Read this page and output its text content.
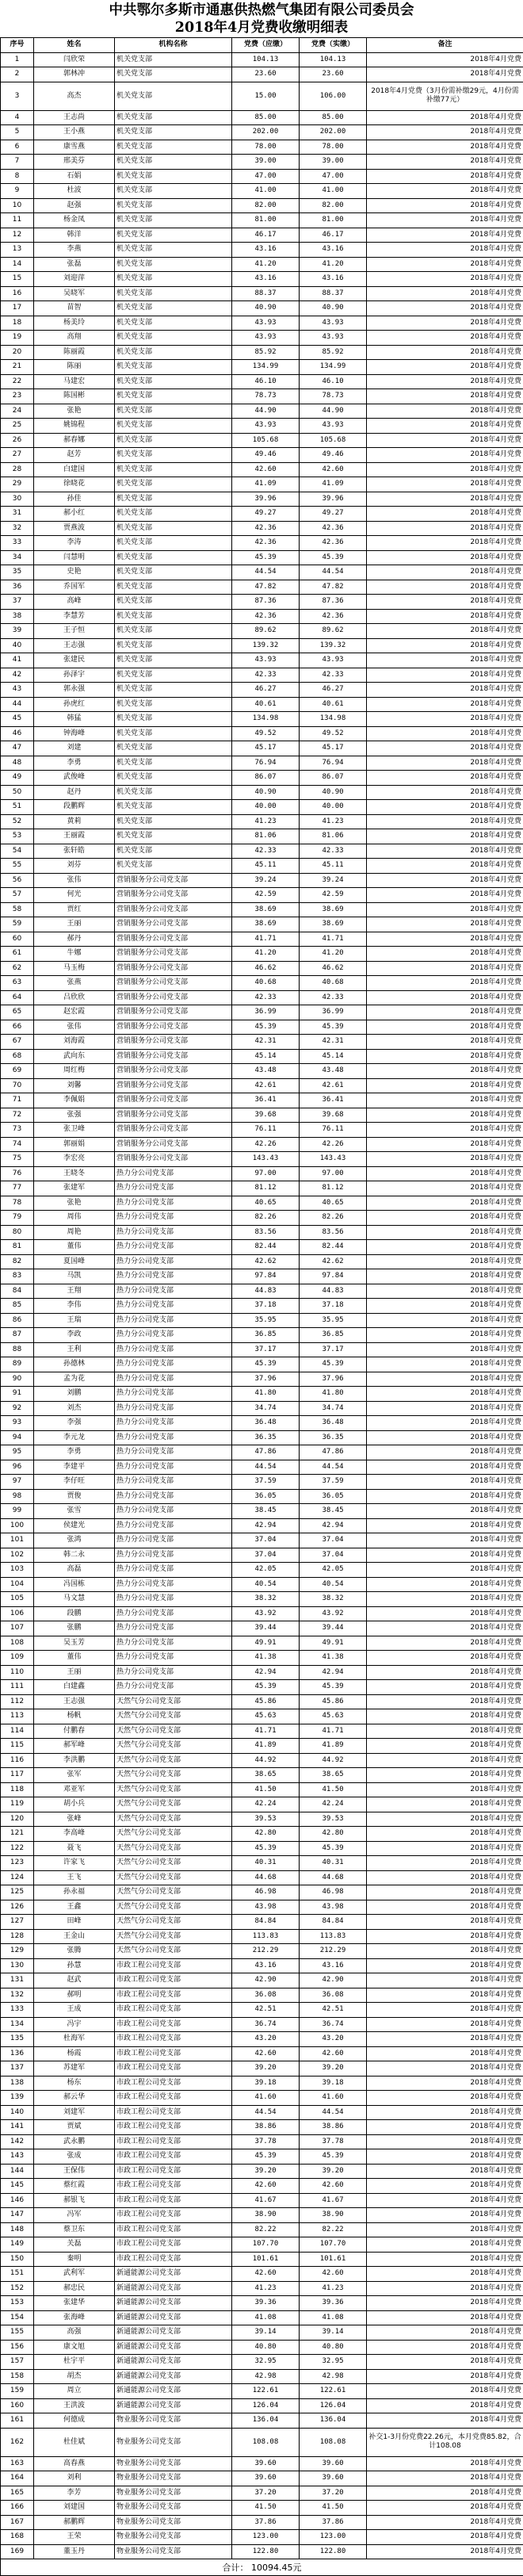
中共鄂尔多斯市通惠供热燃气集团有限公司委员会
2018年4月党费收缴明细表
序号	姓名	机构名称	党费（应缴）	党费（实缴）	备注
1	闫欣荣	机关党支部	104.13	104.13	2018年4月党费
2	郭林冲	机关党支部	23.60	23.60	2018年4月党费
3	高杰	机关党支部	15.00	106.00	2018年4月党费（3月份需补缴29元，4月份需补缴77元）
4	王志尚	机关党支部	85.00	85.00	2018年4月党费
5	王小燕	机关党支部	202.00	202.00	2018年4月党费
6	康雪燕	机关党支部	78.00	78.00	2018年4月党费
7	邢美芬	机关党支部	39.00	39.00	2018年4月党费
8	石娟	机关党支部	47.00	47.00	2018年4月党费
9	杜波	机关党支部	41.00	41.00	2018年4月党费
10	赵强	机关党支部	82.00	82.00	2018年4月党费
11	杨金凤	机关党支部	81.00	81.00	2018年4月党费
12	韩洋	机关党支部	46.17	46.17	2018年4月党费
13	李燕	机关党支部	43.16	43.16	2018年4月党费
14	张磊	机关党支部	41.20	41.20	2018年4月党费
15	刘迎萍	机关党支部	43.16	43.16	2018年4月党费
16	吴晓军	机关党支部	88.37	88.37	2018年4月党费
17	苗智	机关党支部	40.90	40.90	2018年4月党费
18	杨美玲	机关党支部	43.93	43.93	2018年4月党费
19	高翔	机关党支部	43.93	43.93	2018年4月党费
20	陈丽霞	机关党支部	85.92	85.92	2018年4月党费
21	陈丽	机关党支部	134.99	134.99	2018年4月党费
22	马建宏	机关党支部	46.10	46.10	2018年4月党费
23	陈国彬	机关党支部	78.73	78.73	2018年4月党费
24	张艳	机关党支部	44.90	44.90	2018年4月党费
25	姚锦程	机关党支部	43.93	43.93	2018年4月党费
26	郝春娜	机关党支部	105.68	105.68	2018年4月党费
27	赵芳	机关党支部	49.46	49.46	2018年4月党费
28	白建国	机关党支部	42.60	42.60	2018年4月党费
29	徐晓花	机关党支部	41.09	41.09	2018年4月党费
30	孙佳	机关党支部	39.96	39.96	2018年4月党费
31	郝小红	机关党支部	49.27	49.27	2018年4月党费
32	贾燕波	机关党支部	42.36	42.36	2018年4月党费
33	李涛	机关党支部	42.36	42.36	2018年4月党费
34	闫慧明	机关党支部	45.39	45.39	2018年4月党费
35	史艳	机关党支部	44.54	44.54	2018年4月党费
36	乔国军	机关党支部	47.82	47.82	2018年4月党费
37	高峰	机关党支部	87.36	87.36	2018年4月党费
38	李慧芳	机关党支部	42.36	42.36	2018年4月党费
39	王子恒	机关党支部	89.62	89.62	2018年4月党费
40	王志强	机关党支部	139.32	139.32	2018年4月党费
41	张建民	机关党支部	43.93	43.93	2018年4月党费
42	孙泽宇	机关党支部	42.33	42.33	2018年4月党费
43	郭永强	机关党支部	46.27	46.27	2018年4月党费
44	孙虎红	机关党支部	40.61	40.61	2018年4月党费
45	韩猛	机关党支部	134.98	134.98	2018年4月党费
46	钟海峰	机关党支部	49.52	49.52	2018年4月党费
47	刘建	机关党支部	45.17	45.17	2018年4月党费
48	李勇	机关党支部	76.94	76.94	2018年4月党费
49	武俊峰	机关党支部	86.07	86.07	2018年4月党费
50	赵丹	机关党支部	40.90	40.90	2018年4月党费
51	段鹏辉	机关党支部	40.00	40.00	2018年4月党费
52	黄莉	机关党支部	41.23	41.23	2018年4月党费
53	王丽霞	机关党支部	81.06	81.06	2018年4月党费
54	张轩皓	机关党支部	42.33	42.33	2018年4月党费
55	刘芬	机关党支部	45.11	45.11	2018年4月党费
56	张伟	营销服务分公司党支部	39.24	39.24	2018年4月党费
57	何光	营销服务分公司党支部	42.59	42.59	2018年4月党费
58	贾红	营销服务分公司党支部	38.69	38.69	2018年4月党费
59	王丽	营销服务分公司党支部	38.69	38.69	2018年4月党费
60	郝丹	营销服务分公司党支部	41.71	41.71	2018年4月党费
61	牛娜	营销服务分公司党支部	41.20	41.20	2018年4月党费
62	马玉梅	营销服务分公司党支部	46.62	46.62	2018年4月党费
63	张燕	营销服务分公司党支部	40.68	40.68	2018年4月党费
64	吕欣欣	营销服务分公司党支部	42.33	42.33	2018年4月党费
65	赵宏霞	营销服务分公司党支部	36.99	36.99	2018年4月党费
66	张伟	营销服务分公司党支部	45.39	45.39	2018年4月党费
67	刘海霞	营销服务分公司党支部	42.31	42.31	2018年4月党费
68	武向东	营销服务分公司党支部	45.14	45.14	2018年4月党费
69	周红梅	营销服务分公司党支部	43.48	43.48	2018年4月党费
70	刘馨	营销服务分公司党支部	42.61	42.61	2018年4月党费
71	李佩娟	营销服务分公司党支部	36.41	36.41	2018年4月党费
72	张强	营销服务分公司党支部	39.68	39.68	2018年4月党费
73	张卫峰	营销服务分公司党支部	76.11	76.11	2018年4月党费
74	郭丽娟	营销服务分公司党支部	42.26	42.26	2018年4月党费
75	李宏亮	营销服务分公司党支部	143.43	143.43	2018年4月党费
76	王晓冬	热力分公司党支部	97.00	97.00	2018年4月党费
77	张建军	热力分公司党支部	81.12	81.12	2018年4月党费
78	张艳	热力分公司党支部	40.65	40.65	2018年4月党费
79	周伟	热力分公司党支部	82.26	82.26	2018年4月党费
80	周艳	热力分公司党支部	83.56	83.56	2018年4月党费
81	董伟	热力分公司党支部	82.44	82.44	2018年4月党费
82	夏国峰	热力分公司党支部	42.62	42.62	2018年4月党费
83	马凯	热力分公司党支部	97.84	97.84	2018年4月党费
84	王翔	热力分公司党支部	44.83	44.83	2018年4月党费
85	李伟	热力分公司党支部	37.18	37.18	2018年4月党费
86	王瑞	热力分公司党支部	35.95	35.95	2018年4月党费
87	李政	热力分公司党支部	36.85	36.85	2018年4月党费
88	王利	热力分公司党支部	37.17	37.17	2018年4月党费
89	孙德林	热力分公司党支部	45.39	45.39	2018年4月党费
90	孟为花	热力分公司党支部	37.96	37.96	2018年4月党费
91	刘鹏	热力分公司党支部	41.80	41.80	2018年4月党费
92	刘杰	热力分公司党支部	34.74	34.74	2018年4月党费
93	李强	热力分公司党支部	36.48	36.48	2018年4月党费
94	李元龙	热力分公司党支部	36.35	36.35	2018年4月党费
95	李勇	热力分公司党支部	47.86	47.86	2018年4月党费
96	李建平	热力分公司党支部	44.54	44.54	2018年4月党费
97	李仔旺	热力分公司党支部	37.59	37.59	2018年4月党费
98	贾俊	热力分公司党支部	36.05	36.05	2018年4月党费
99	张雪	热力分公司党支部	38.45	38.45	2018年4月党费
100	侯建光	热力分公司党支部	42.94	42.94	2018年4月党费
101	张鸿	热力分公司党支部	37.04	37.04	2018年4月党费
102	韩二永	热力分公司党支部	37.04	37.04	2018年4月党费
103	高磊	热力分公司党支部	42.05	42.05	2018年4月党费
104	冯国栋	热力分公司党支部	40.54	40.54	2018年4月党费
105	马文慧	热力分公司党支部	38.32	38.32	2018年4月党费
106	段鹏	热力分公司党支部	43.92	43.92	2018年4月党费
107	张鹏	热力分公司党支部	39.44	39.44	2018年4月党费
108	吴玉芳	热力分公司党支部	49.91	49.91	2018年4月党费
109	董伟	热力分公司党支部	41.38	41.38	2018年4月党费
110	王丽	热力分公司党支部	42.94	42.94	2018年4月党费
111	白建鑫	热力分公司党支部	45.39	45.39	2018年4月党费
112	王志强	天然气分公司党支部	45.86	45.86	2018年4月党费
113	杨帆	天然气分公司党支部	45.63	45.63	2018年4月党费
114	付鹏春	天然气分公司党支部	41.71	41.71	2018年4月党费
115	郝军峰	天然气分公司党支部	41.89	41.89	2018年4月党费
116	李洪鹏	天然气分公司党支部	44.92	44.92	2018年4月党费
117	张军	天然气分公司党支部	38.65	38.65	2018年4月党费
118	邓亚军	天然气分公司党支部	41.50	41.50	2018年4月党费
119	胡小兵	天然气分公司党支部	42.24	42.24	2018年4月党费
120	张峰	天然气分公司党支部	39.53	39.53	2018年4月党费
121	李高峰	天然气分公司党支部	42.80	42.80	2018年4月党费
122	聂飞	天然气分公司党支部	45.39	45.39	2018年4月党费
123	许家飞	天然气分公司党支部	40.31	40.31	2018年4月党费
124	王飞	天然气分公司党支部	44.68	44.68	2018年4月党费
125	孙永福	天然气分公司党支部	46.98	46.98	2018年4月党费
126	王鑫	天然气分公司党支部	43.98	43.98	2018年4月党费
127	田峰	天然气分公司党支部	84.84	84.84	2018年4月党费
128	王金山	天然气分公司党支部	113.83	113.83	2018年4月党费
129	张腾	天然气分公司党支部	212.29	212.29	2018年4月党费
130	孙慧	市政工程公司党支部	43.16	43.16	2018年4月党费
131	赵武	市政工程公司党支部	42.90	42.90	2018年4月党费
132	郝明	市政工程公司党支部	36.08	36.08	2018年4月党费
133	王成	市政工程公司党支部	42.51	42.51	2018年4月党费
134	冯宇	市政工程公司党支部	36.74	36.74	2018年4月党费
135	杜海军	市政工程公司党支部	43.20	43.20	2018年4月党费
136	杨霞	市政工程公司党支部	42.60	42.60	2018年4月党费
137	苏建军	市政工程公司党支部	39.20	39.20	2018年4月党费
138	杨东	市政工程公司党支部	39.18	39.18	2018年4月党费
139	郝云华	市政工程公司党支部	41.60	41.60	2018年4月党费
140	刘建军	市政工程公司党支部	44.54	44.54	2018年4月党费
141	贾斌	市政工程公司党支部	38.86	38.86	2018年4月党费
142	武永鹏	市政工程公司党支部	37.78	37.78	2018年4月党费
143	张成	市政工程公司党支部	45.39	45.39	2018年4月党费
144	王保伟	市政工程公司党支部	39.20	39.20	2018年4月党费
145	蔡红霞	市政工程公司党支部	42.60	42.60	2018年4月党费
146	郝银飞	市政工程公司党支部	41.67	41.67	2018年4月党费
147	冯军	市政工程公司党支部	38.90	38.90	2018年4月党费
148	蔡卫东	市政工程公司党支部	82.22	82.22	2018年4月党费
149	关磊	市政工程公司党支部	107.70	107.70	2018年4月党费
150	秦明	市政工程公司党支部	101.61	101.61	2018年4月党费
151	武利军	新通能源公司党支部	42.60	42.60	2018年4月党费
152	郝忠民	新通能源公司党支部	41.23	41.23	2018年4月党费
153	张建华	新通能源公司党支部	39.36	39.36	2018年4月党费
154	张海峰	新通能源公司党支部	41.08	41.08	2018年4月党费
155	高强	新通能源公司党支部	39.14	39.14	2018年4月党费
156	康文旭	新通能源公司党支部	40.80	40.80	2018年4月党费
157	杜宇平	新通能源公司党支部	32.95	32.95	2018年4月党费
158	胡杰	新通能源公司党支部	42.98	42.98	2018年4月党费
159	周立	新通能源公司党支部	122.61	122.61	2018年4月党费
160	王洪波	新通能源公司党支部	126.04	126.04	2018年4月党费
161	何德成	物业服务公司党支部	136.04	136.04	2018年4月党费
162	杜佳斌	物业服务公司党支部	108.08	108.08	补交1-3月份党费22.26元，本月党费85.82，合计108.08
163	高春燕	物业服务公司党支部	39.60	39.60	2018年4月党费
164	刘利	物业服务公司党支部	39.60	39.60	2018年4月党费
165	李芳	物业服务公司党支部	37.20	37.20	2018年4月党费
166	刘建国	物业服务公司党支部	41.50	41.50	2018年4月党费
167	郝鹏辉	物业服务公司党支部	37.86	37.86	2018年4月党费
168	王荣	物业服务公司党支部	123.00	123.00	2018年4月党费
169	董玉丹	物业服务公司党支部	122.80	122.80	2018年4月党费
合计： 10094.45元					
